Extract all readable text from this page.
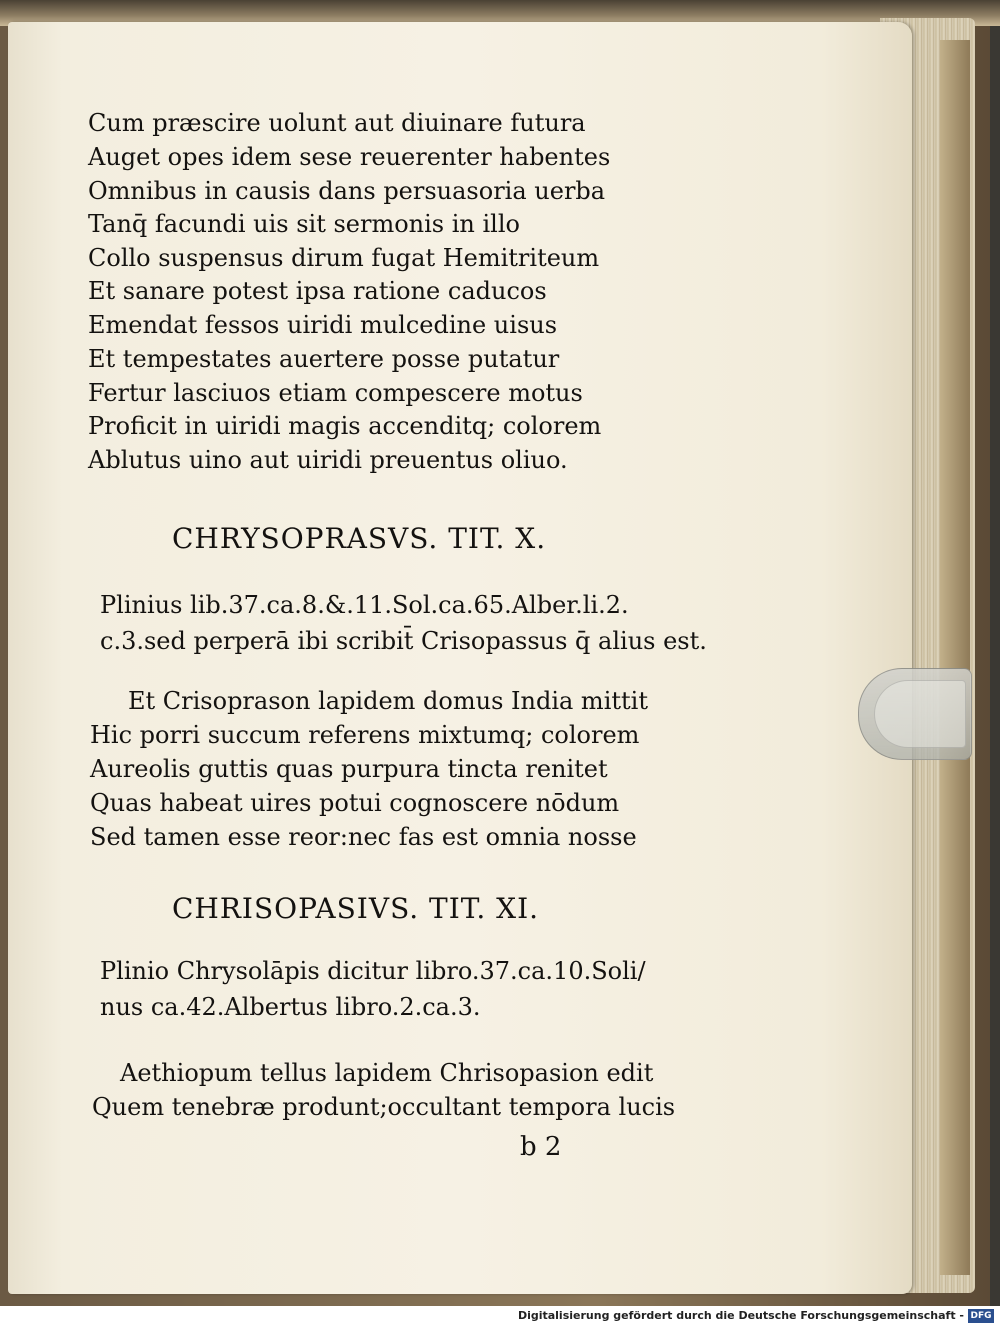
Cum præscire uolunt aut diuinare futura
Auget opes idem sese reuerenter habentes
Omnibus in causis dans persuasoria uerba
Tanq̄ facundi uis sit sermonis in illo
Collo suspensus dirum fugat Hemitriteum
Et sanare potest ipsa ratione caducos
Emendat fessos uiridi mulcedine uisus
Et tempestates auertere posse putatur
Fertur lasciuos etiam compescere motus
Proficit in uiridi magis accenditq; colorem
Ablutus uino aut uiridi preuentus oliuo.
CHRYSOPRASVS. TIT. X.
Plinius lib.37.ca.8.&.11.Sol.ca.65.Alber.li.2.
c.3.sed perperā ibi scribit̄ Crisopassus q̄ alius est.
Et Crisoprason lapidem domus India mittit
Hic porri succum referens mixtumq; colorem
Aureolis guttis quas purpura tincta renitet
Quas habeat uires potui cognoscere nōdum
Sed tamen esse reor:nec fas est omnia nosse
CHRISOPASIVS. TIT. XI.
Plinio Chrysolāpis dicitur libro.37.ca.10.Soli/
nus ca.42.Albertus libro.2.ca.3.
Aethiopum tellus lapidem Chrisopasion edit
Quem tenebræ produnt;occultant tempora lucis
b 2
Digitalisierung gefördert durch die Deutsche Forschungsgemeinschaft - DFG
